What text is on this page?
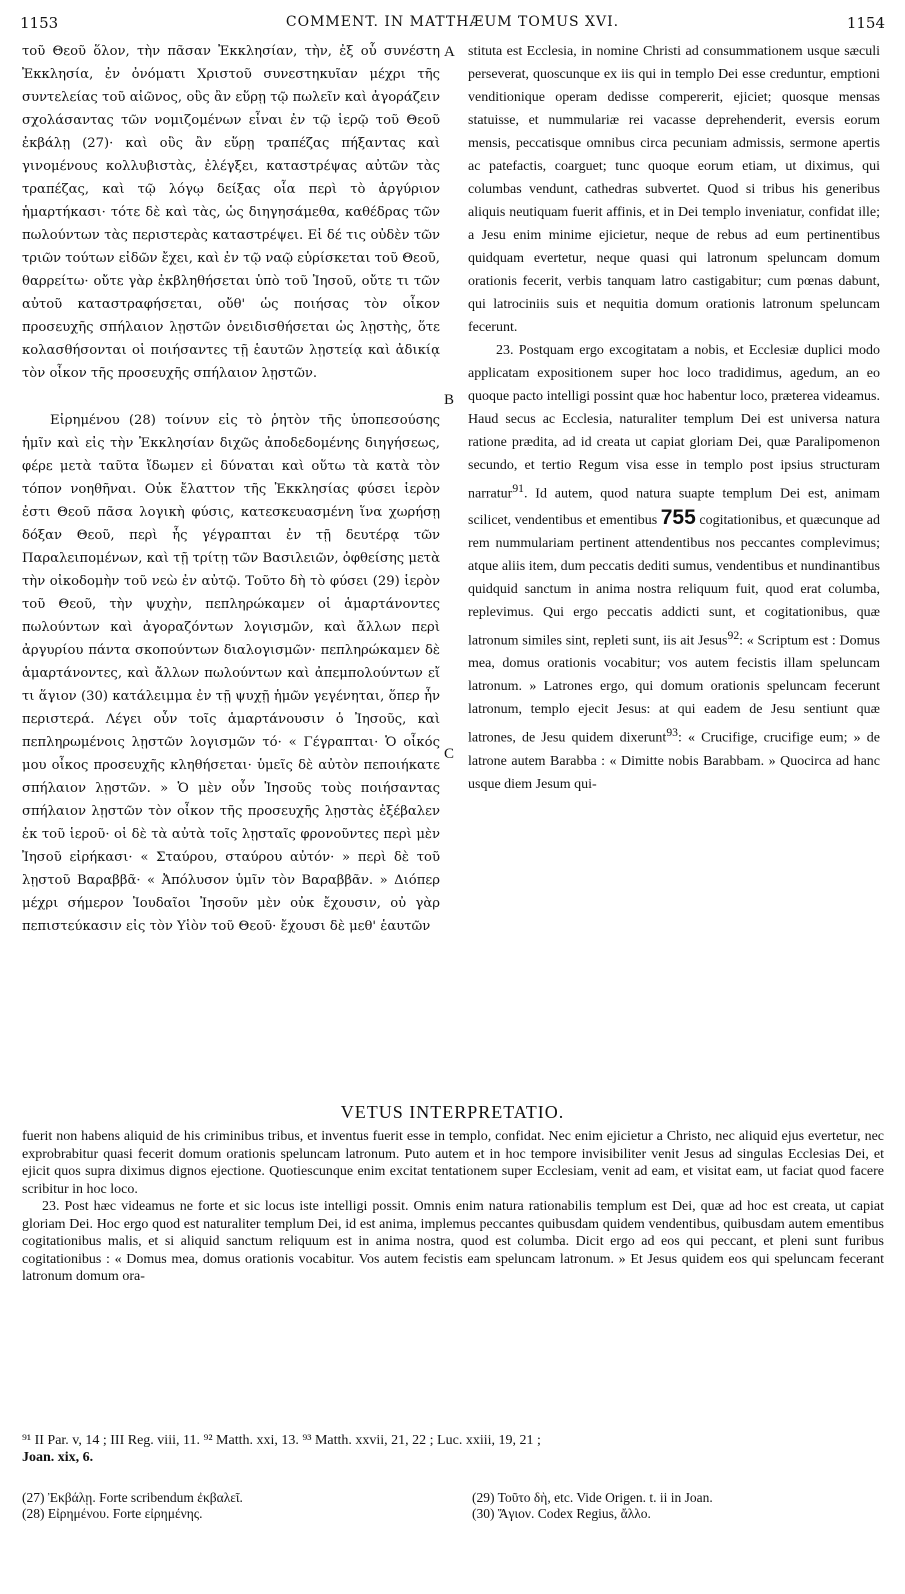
1153	COMMENT. IN MATTHÆUM TOMUS XVI.	1154

τοῦ Θεοῦ ὅλον, τὴν πᾶσαν Ἐκκλησίαν, τὴν, ἐξ οὗ συνέστη Ἐκκλησία, ἐν ὀνόματι Χριστοῦ συνεστηκυῖαν μέχρι τῆς συντελείας τοῦ αἰῶνος, οὓς ἂν εὕρῃ τῷ πωλεῖν καὶ ἀγοράζειν σχολάσαντας τῶν νομιζομένων εἶναι ἐν τῷ ἱερῷ τοῦ Θεοῦ ἐκβάλῃ (27)· καὶ οὓς ἂν εὕρῃ τραπέζας πήξαντας καὶ γινομένους κολλυβιστὰς, ἐλέγξει, καταστρέψας αὐτῶν τὰς τραπέζας, καὶ τῷ λόγῳ δείξας οἷα περὶ τὸ ἀργύριον ἡμαρτήκασι· τότε δὲ καὶ τὰς, ὡς διηγησάμεθα, καθέδρας τῶν πωλούντων τὰς περιστερὰς καταστρέψει. Εἰ δέ τις οὐδὲν τῶν τριῶν τούτων εἰδῶν ἔχει, καὶ ἐν τῷ ναῷ εὑρίσκεται τοῦ Θεοῦ, θαρρείτω· οὔτε γὰρ ἐκβληθήσεται ὑπὸ τοῦ Ἰησοῦ, οὔτε τι τῶν αὐτοῦ καταστραφήσεται, οὔθ' ὡς ποιήσας τὸν οἶκον προσευχῆς σπήλαιον λῃστῶν ὀνειδισθήσεται ὡς λῃστὴς, ὅτε κολασθήσονται οἱ ποιήσαντες τῇ ἑαυτῶν λῃστείᾳ καὶ ἀδικίᾳ τὸν οἶκον τῆς προσευχῆς σπήλαιον λῃστῶν.

Εἰρημένου (28) τοίνυν εἰς τὸ ῥητὸν τῆς ὑποπεσούσης ἡμῖν καὶ εἰς τὴν Ἐκκλησίαν διχῶς ἀποδεδομένης διηγήσεως, φέρε μετὰ ταῦτα ἴδωμεν εἰ δύναται καὶ οὕτω τὰ κατὰ τὸν τόπον νοηθῆναι. Οὐκ ἔλαττον τῆς Ἐκκλησίας φύσει ἱερὸν ἐστι Θεοῦ πᾶσα λογικὴ φύσις, κατεσκευασμένη ἵνα χωρήσῃ δόξαν Θεοῦ, περὶ ἧς γέγραπται ἐν τῇ δευτέρᾳ τῶν Παραλειπομένων, καὶ τῇ τρίτῃ τῶν Βασιλειῶν, ὀφθείσης μετὰ τὴν οἰκοδομὴν τοῦ νεὼ ἐν αὐτῷ. Τοῦτο δὴ τὸ φύσει (29) ἱερὸν τοῦ Θεοῦ, τὴν ψυχὴν, πεπληρώκαμεν οἱ ἁμαρτάνοντες πωλούντων καὶ ἀγοραζόντων λογισμῶν, καὶ ἄλλων περὶ ἀργυρίου πάντα σκοπούντων διαλογισμῶν· πεπληρώκαμεν δὲ ἁμαρτάνοντες, καὶ ἄλλων πωλούντων καὶ ἀπεμπολούντων εἴ τι ἅγιον (30) κατάλειμμα ἐν τῇ ψυχῇ ἡμῶν γεγένηται, ὅπερ ἦν περιστερά. Λέγει οὖν τοῖς ἁμαρτάνουσιν ὁ Ἰησοῦς, καὶ πεπληρωμένοις λῃστῶν λογισμῶν τό· « Γέγραπται· Ὁ οἶκός μου οἶκος προσευχῆς κληθήσεται· ὑμεῖς δὲ αὐτὸν πεποιήκατε σπήλαιον λῃστῶν. » Ὁ μὲν οὖν Ἰησοῦς τοὺς ποιήσαντας σπήλαιον λῃστῶν τὸν οἶκον τῆς προσευχῆς λῃστὰς ἐξέβαλεν ἐκ τοῦ ἱεροῦ· οἱ δὲ τὰ αὐτὰ τοῖς λῃσταῖς φρονοῦντες περὶ μὲν Ἰησοῦ εἰρήκασι· « Σταύρου, σταύρου αὐτόν· » περὶ δὲ τοῦ λῃστοῦ Βαραββᾶ· « Ἀπόλυσον ὑμῖν τὸν Βαραββᾶν. » Διόπερ μέχρι σήμερον Ἰουδαῖοι Ἰησοῦν μὲν οὐκ ἔχουσιν, οὐ γὰρ πεπιστεύκασιν εἰς τὸν Υἱὸν τοῦ Θεοῦ· ἔχουσι δὲ μεθ' ἑαυτῶν

A
B
C

stituta est Ecclesia, in nomine Christi ad consummationem usque sæculi perseverat, quoscunque ex iis qui in templo Dei esse creduntur, emptioni venditionique operam dedisse compererit, ejiciet; quosque mensas statuisse, et nummulariæ rei vacasse deprehenderit, eversis eorum mensis, peccatisque omnibus circa pecuniam admissis, sermone apertis ac patefactis, coarguet; tunc quoque eorum etiam, ut diximus, qui columbas vendunt, cathedras subvertet. Quod si tribus his generibus aliquis neutiquam fuerit affinis, et in Dei templo inveniatur, confidat ille; a Jesu enim minime ejicietur, neque de rebus ad eum pertinentibus quidquam evertetur, neque quasi qui latronum speluncam domum orationis fecerit, verbis tanquam latro castigabitur; cum pœnas dabunt, qui latrociniis suis et nequitia domum orationis latronum speluncam fecerunt.

23. Postquam ergo excogitatam a nobis, et Ecclesiæ duplici modo applicatam expositionem super hoc loco tradidimus, agedum, an eo quoque pacto intelligi possint quæ hoc habentur loco, præterea videamus. Haud secus ac Ecclesia, naturaliter templum Dei est universa natura ratione prædita, ad id creata ut capiat gloriam Dei, quæ Paralipomenon secundo, et tertio Regum visa esse in templo post ipsius structuram narratur$^{91}$. Id autem, quod natura suapte templum Dei est, animam scilicet, vendentibus et ementibus 755 cogitationibus, et quæcunque ad rem nummulariam pertinent attendentibus nos peccantes complevimus; atque aliis item, dum peccatis dediti sumus, vendentibus et nundinantibus quidquid sanctum in anima nostra reliquum fuit, quod erat columba, replevimus. Qui ergo peccatis addicti sunt, et cogitationibus, quæ latronum similes sint, repleti sunt, iis ait Jesus$^{92}$: « Scriptum est : Domus mea, domus orationis vocabitur; vos autem fecistis illam speluncam latronum. » Latrones ergo, qui domum orationis speluncam fecerunt latronum, templo ejecit Jesus: at qui eadem de Jesu sentiunt quæ latrones, de Jesu quidem dixerunt$^{93}$: « Crucifige, crucifige eum; » de latrone autem Barabba : « Dimitte nobis Barabbam. » Quocirca ad hanc usque diem Jesum qui-

VETUS INTERPRETATIO.

fuerit non habens aliquid de his criminibus tribus, et inventus fuerit esse in templo, confidat. Nec enim ejicietur a Christo, nec aliquid ejus evertetur, nec exprobrabitur quasi fecerit domum orationis speluncam latronum. Puto autem et in hoc tempore invisibiliter venit Jesus ad singulas Ecclesias Dei, et ejicit quos supra diximus dignos ejectione. Quotiescunque enim excitat tentationem super Ecclesiam, venit ad eam, et visitat eam, ut faciat quod facere scribitur in hoc loco.

23. Post hæc videamus ne forte et sic locus iste intelligi possit. Omnis enim natura rationabilis templum est Dei, quæ ad hoc est creata, ut capiat gloriam Dei. Hoc ergo quod est naturaliter templum Dei, id est anima, implemus peccantes quibusdam quidem vendentibus, quibusdam autem ementibus cogitationibus malis, et si aliquid sanctum reliquum est in anima nostra, quod est columba. Dicit ergo ad eos qui peccant, et pleni sunt furibus cogitationibus : « Domus mea, domus orationis vocabitur. Vos autem fecistis eam speluncam latronum. » Et Jesus quidem eos qui speluncam fecerant latronum domum ora-

⁹¹ II Par. v, 14 ; III Reg. viii, 11. ⁹² Matth. xxi, 13. ⁹³ Matth. xxvii, 21, 22 ; Luc. xxiii, 19, 21 ;
Joan. xix, 6.
(27) Ἐκβάλῃ. Forte scribendum ἐκβαλεῖ.
(28) Εἰρημένου. Forte εἰρημένης.
(29) Τοῦτο δὴ, etc. Vide Origen. t. ii in Joan.
(30) Ἅγιον. Codex Regius, ἄλλο.
